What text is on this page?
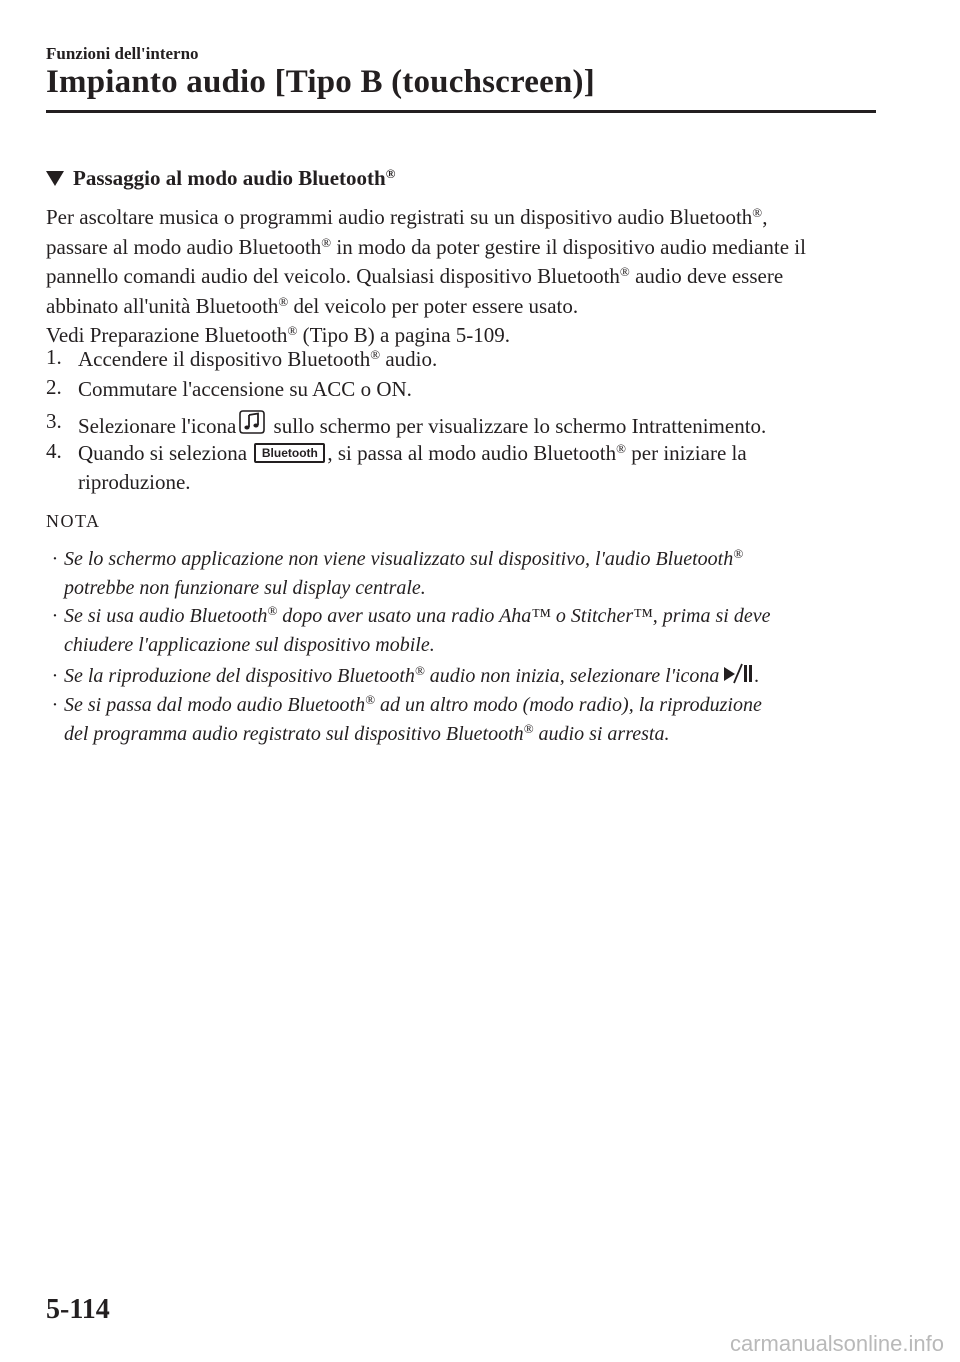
Funzioni dell'interno
Impianto audio [Tipo B (touchscreen)]
Passaggio al modo audio Bluetooth®
Per ascoltare musica o programmi audio registrati su un dispositivo audio Bluetooth®,
passare al modo audio Bluetooth® in modo da poter gestire il dispositivo audio mediante il
pannello comandi audio del veicolo. Qualsiasi dispositivo Bluetooth® audio deve essere
abbinato all'unità Bluetooth® del veicolo per poter essere usato.
Vedi Preparazione Bluetooth® (Tipo B) a pagina 5-109.
1. Accendere il dispositivo Bluetooth® audio.
2. Commutare l'accensione su ACC o ON.
3. Selezionare l'icona sullo schermo per visualizzare lo schermo Intrattenimento.
4. Quando si seleziona Bluetooth , si passa al modo audio Bluetooth® per iniziare la
riproduzione.
NOTA
· Se lo schermo applicazione non viene visualizzato sul dispositivo, l'audio Bluetooth®
potrebbe non funzionare sul display centrale.
· Se si usa audio Bluetooth® dopo aver usato una radio Aha™ o Stitcher™, prima si deve
chiudere l'applicazione sul dispositivo mobile.
· Se la riproduzione del dispositivo Bluetooth® audio non inizia, selezionare l'icona .
· Se si passa dal modo audio Bluetooth® ad un altro modo (modo radio), la riproduzione
del programma audio registrato sul dispositivo Bluetooth® audio si arresta.
5-114
carmanualsonline.info
